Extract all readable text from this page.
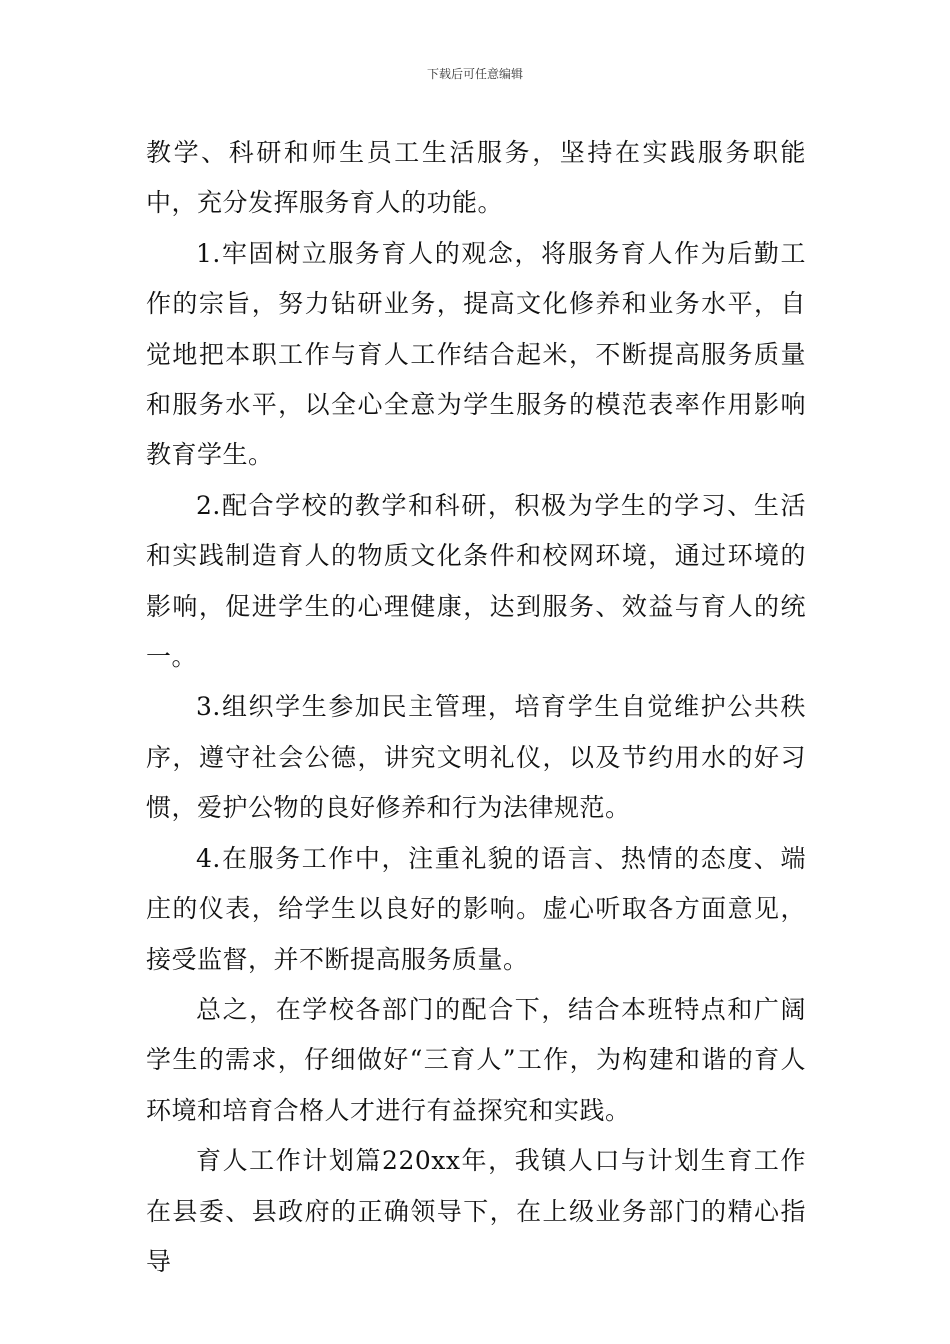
下载后可任意编辑

教学、科研和师生员工生活服务，坚持在实践服务职能中，充分发挥服务育人的功能。

1.牢固树立服务育人的观念，将服务育人作为后勤工作的宗旨，努力钻研业务，提高文化修养和业务水平，自觉地把本职工作与育人工作结合起米，不断提高服务质量和服务水平，以全心全意为学生服务的模范表率作用影响教育学生。

2.配合学校的教学和科研，积极为学生的学习、生活和实践制造育人的物质文化条件和校网环境，通过环境的影响，促进学生的心理健康，达到服务、效益与育人的统一。

3.组织学生参加民主管理，培育学生自觉维护公共秩序，遵守社会公德，讲究文明礼仪，以及节约用水的好习惯，爱护公物的良好修养和行为法律规范。

4.在服务工作中，注重礼貌的语言、热情的态度、端庄的仪表，给学生以良好的影响。虚心听取各方面意见，接受监督，并不断提高服务质量。

总之，在学校各部门的配合下，结合本班特点和广阔学生的需求，仔细做好“三育人”工作，为构建和谐的育人环境和培育合格人才进行有益探究和实践。

育人工作计划篇220xx年，我镇人口与计划生育工作在县委、县政府的正确领导下，在上级业务部门的精心指导
